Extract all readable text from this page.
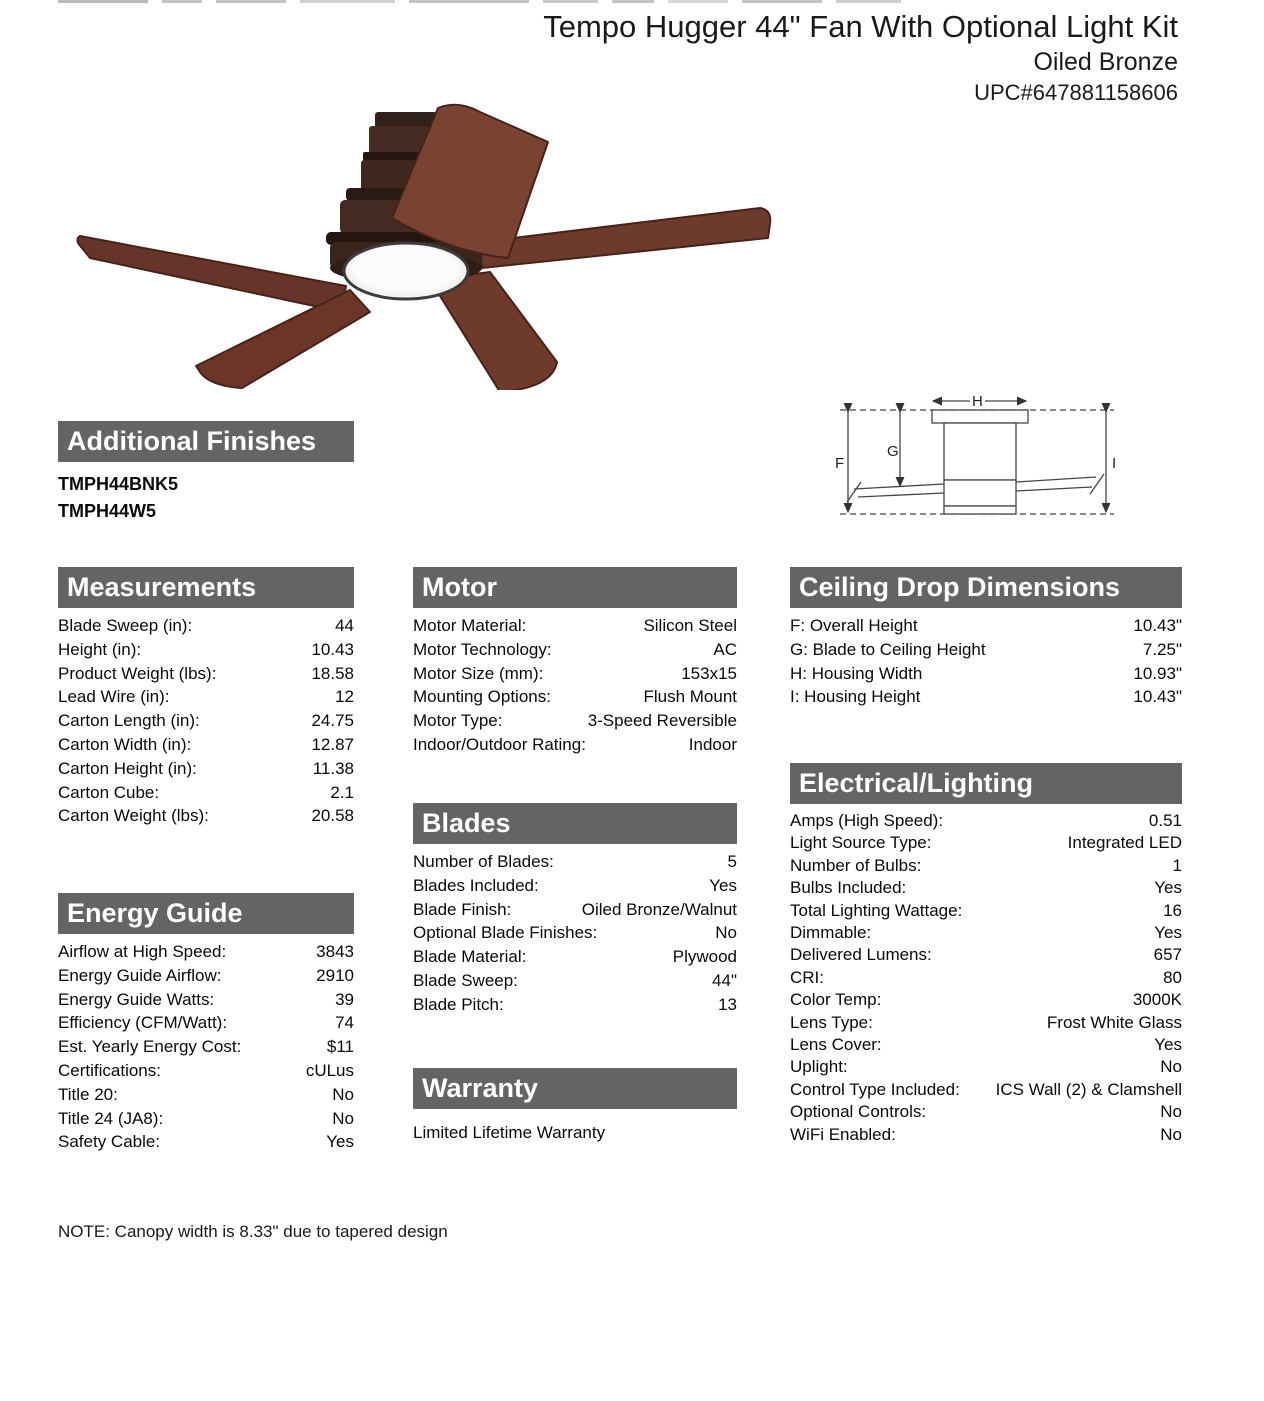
Tempo Hugger 44" Fan With Optional Light Kit
Oiled Bronze
UPC#647881158606
Additional Finishes
TMPH44BNK5
TMPH44W5
F
G
H
I
Measurements
Blade Sweep (in):	44
Height (in):	10.43
Product Weight (lbs):	18.58
Lead Wire (in):	12
Carton Length (in):	24.75
Carton Width (in):	12.87
Carton Height (in):	11.38
Carton Cube:	2.1
Carton Weight (lbs):	20.58
Energy Guide
Airflow at High Speed:	3843
Energy Guide Airflow:	2910
Energy Guide Watts:	39
Efficiency (CFM/Watt):	74
Est. Yearly Energy Cost:	$11
Certifications:	cULus
Title 20:	No
Title 24 (JA8):	No
Safety Cable:	Yes
Motor
Motor Material:	Silicon Steel
Motor Technology:	AC
Motor Size (mm):	153x15
Mounting Options:	Flush Mount
Motor Type:	3-Speed Reversible
Indoor/Outdoor Rating:	Indoor
Blades
Number of Blades:	5
Blades Included:	Yes
Blade Finish:	Oiled Bronze/Walnut
Optional Blade Finishes:	No
Blade Material:	Plywood
Blade Sweep:	44"
Blade Pitch:	13
Warranty
Limited Lifetime Warranty
Ceiling Drop Dimensions
F: Overall Height	10.43"
G: Blade to Ceiling Height	7.25"
H: Housing Width	10.93"
I: Housing Height	10.43"
Electrical/Lighting
Amps (High Speed):	0.51
Light Source Type:	Integrated LED
Number of Bulbs:	1
Bulbs Included:	Yes
Total Lighting Wattage:	16
Dimmable:	Yes
Delivered Lumens:	657
CRI:	80
Color Temp:	3000K
Lens Type:	Frost White Glass
Lens Cover:	Yes
Uplight:	No
Control Type Included: ICS Wall (2) & Clamshell
Optional Controls:	No
WiFi Enabled:	No
NOTE: Canopy width is 8.33" due to tapered design
